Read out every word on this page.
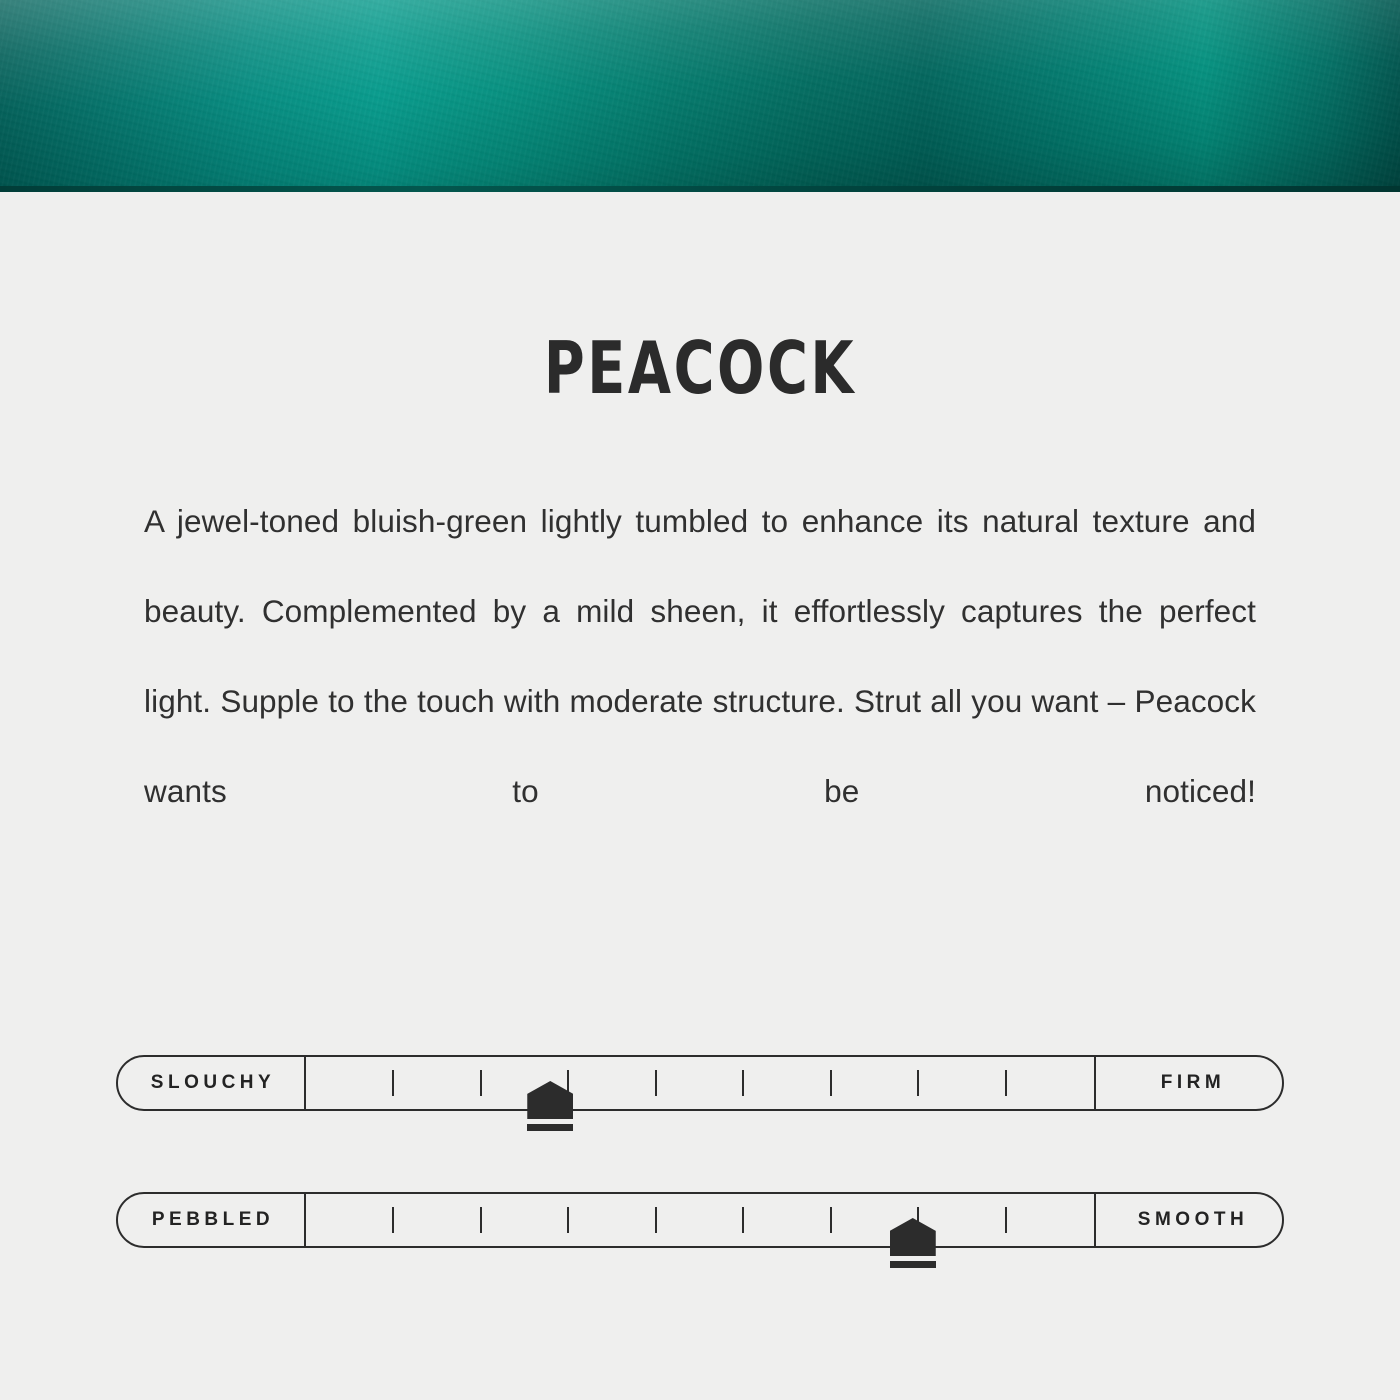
PEACOCK

A jewel-toned bluish-green lightly tumbled to enhance its natural texture and beauty. Complemented by a mild sheen, it effortlessly captures the perfect light. Supple to the touch with moderate structure. Strut all you want – Peacock wants to be noticed!

SLOUCHY	FIRM
PEBBLED	SMOOTH
